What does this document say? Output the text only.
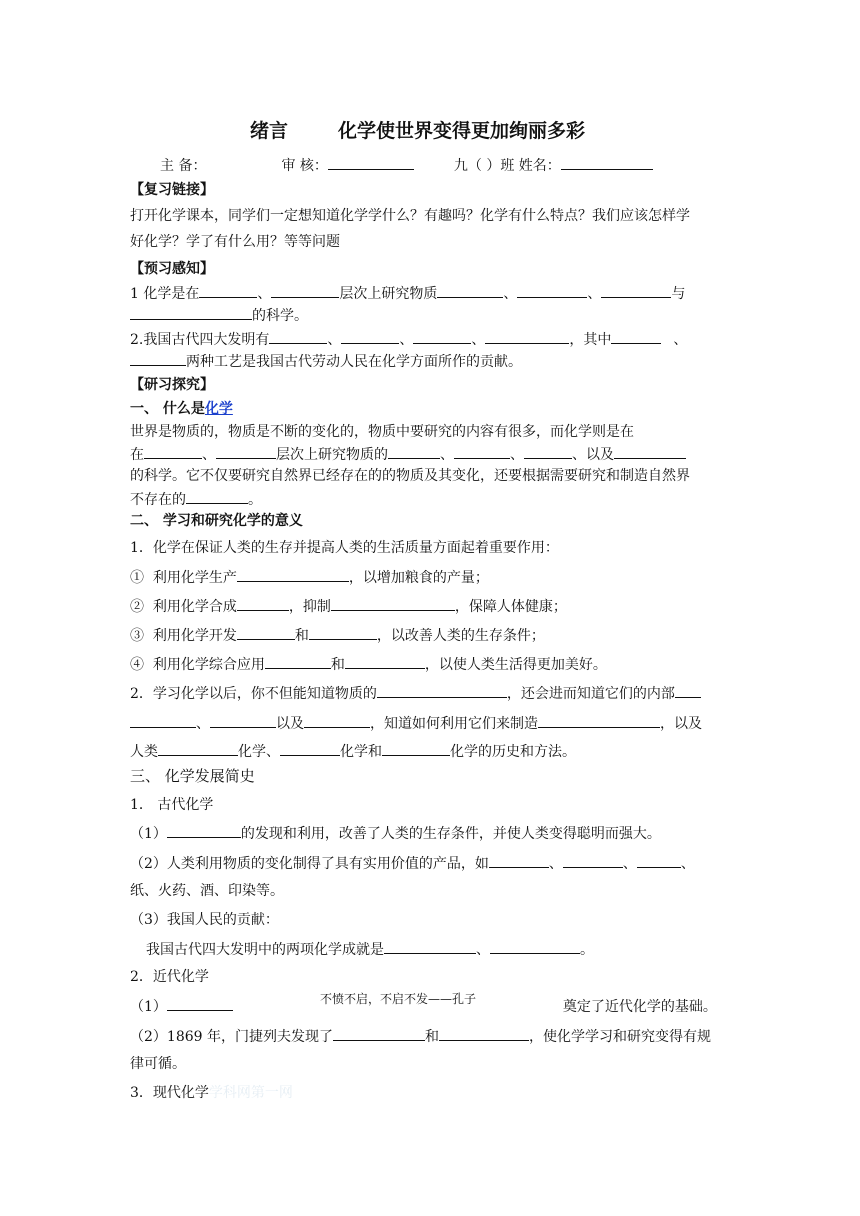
绪言	化学使世界变得更加绚丽多彩
主 备：	审 核：	九（ ）班 姓名：
【复习链接】
打开化学课本，同学们一定想知道化学学什么？有趣吗？化学有什么特点？我们应该怎样学
好化学？学了有什么用？等等问题
【预习感知】
1 化学是在	、	层次上研究物质	、	、	与
的科学。
2.我国古代四大发明有	、	、	、	，其中	、
两种工艺是我国古代劳动人民在化学方面所作的贡献。
【研习探究】
一、 什么是化学
世界是物质的，物质是不断的变化的，物质中要研究的内容有很多，而化学则是在
在	、	层次上研究物质的	、	、	、以及
的科学。它不仅要研究自然界已经存在的的物质及其变化，还要根据需要研究和制造自然界
不存在的	。
二、 学习和研究化学的意义
1．化学在保证人类的生存并提高人类的生活质量方面起着重要作用：
① 利用化学生产	，以增加粮食的产量；
② 利用化学合成	，抑制	，保障人体健康；
③ 利用化学开发	和	，以改善人类的生存条件；
④ 利用化学综合应用	和	，以使人类生活得更加美好。
2．学习化学以后，你不但能知道物质的	，还会进而知道它们的内部
、	以及	，知道如何利用它们来制造	，以及
人类	化学、	化学和	化学的历史和方法。
三、 化学发展简史
1． 古代化学
（1）	的发现和利用，改善了人类的生存条件，并使人类变得聪明而强大。
（2）人类利用物质的变化制得了具有实用价值的产品，如	、	、	、
纸、火药、酒、印染等。
（3）我国人民的贡献：
我国古代四大发明中的两项化学成就是	、	。
2．近代化学
（1）	奠定了近代化学的基础。
不愤不启，不启不发——孔子
（2）1869 年，门捷列夫发现了	和	，使化学学习和研究变得有规
律可循。
3．现代化学学科网第一网
